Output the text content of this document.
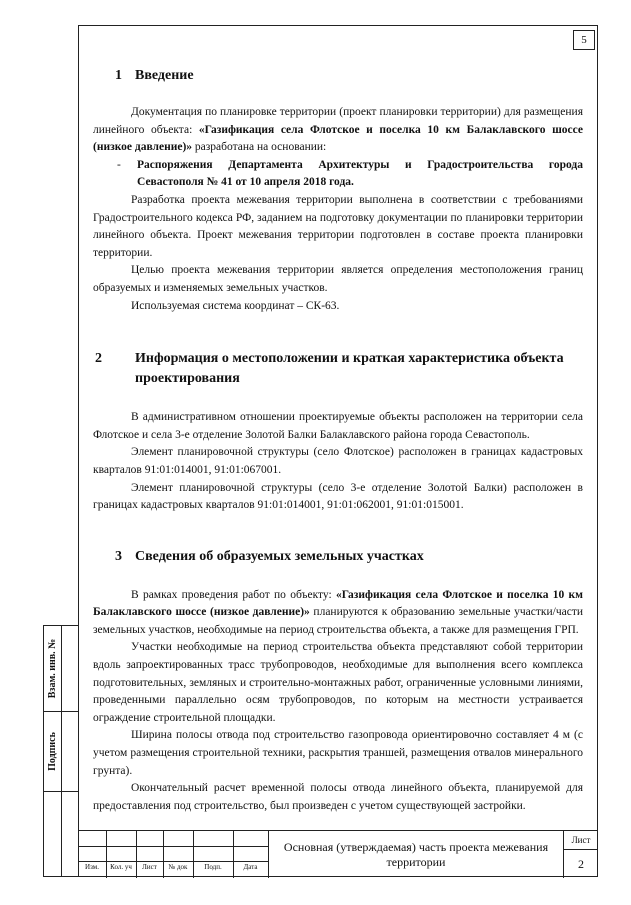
5
Взам. инв. №
Подпись
1 Введение

Документация по планировке территории (проект планировки территории) для размещения линейного объекта: «Газификация села Флотское и поселка 10 км Балаклавского шоссе (низкое давление)» разработана на основании:

-	Распоряжения Департамента Архитектуры и Градостроительства города Севастополя № 41 от 10 апреля 2018 года.

Разработка проекта межевания территории выполнена в соответствии с требованиями Градостроительного кодекса РФ, заданием на подготовку документации по планировки территории линейного объекта. Проект межевания территории подготовлен в составе проекта планировки территории.

Целью проекта межевания территории является определения местоположения границ образуемых и изменяемых земельных участков.

Используемая система координат – СК-63.

2 Информация о местоположении и краткая характеристика объекта проектирования

В административном отношении проектируемые объекты расположен на территории села Флотское и села 3-е отделение Золотой Балки Балаклавского района города Севастополь.

Элемент планировочной структуры (село Флотское) расположен в границах кадастровых кварталов 91:01:014001, 91:01:067001.

Элемент планировочной структуры (село 3-е отделение Золотой Балки) расположен в границах кадастровых кварталов 91:01:014001, 91:01:062001, 91:01:015001.

3 Сведения об образуемых земельных участках

В рамках проведения работ по объекту: «Газификация села Флотское и поселка 10 км Балаклавского шоссе (низкое давление)» планируются к образованию земельные участки/части земельных участков, необходимые на период строительства объекта, а также для размещения ГРП.

Участки необходимые на период строительства объекта представляют собой территории вдоль запроектированных трасс трубопроводов, необходимые для выполнения всего комплекса подготовительных, земляных и строительно-монтажных работ, ограниченные условными линиями, проведенными параллельно осям трубопроводов, по которым на местности устраивается ограждение строительной площадки.

Ширина полосы отвода под строительство газопровода ориентировочно составляет 4 м (с учетом размещения строительной техники, раскрытия траншей, размещения отвалов минерального грунта).

Окончательный расчет временной полосы отвода линейного объекта, планируемой для предоставления под строительство, был произведен с учетом существующей застройки.

Изм.	Кол. уч	Лист	№ док	Подп.	Дата
Основная (утверждаемая) часть проекта межевания территории
Лист
2
